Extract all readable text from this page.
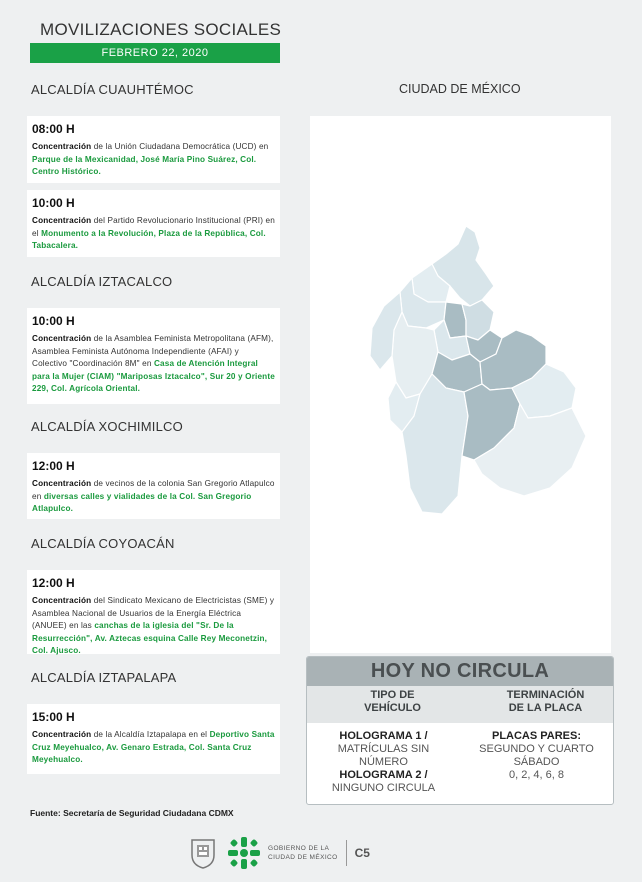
MOVILIZACIONES SOCIALES
FEBRERO 22, 2020
ALCALDÍA CUAUHTÉMOC
08:00 H
Concentración de la Unión Ciudadana Democrática (UCD) en Parque de la Mexicanidad, José María Pino Suárez, Col. Centro Histórico.
10:00 H
Concentración del Partido Revolucionario Institucional (PRI) en el Monumento a la Revolución, Plaza de la República, Col. Tabacalera.
ALCALDÍA IZTACALCO
10:00 H
Concentración de la Asamblea Feminista Metropolitana (AFM), Asamblea Feminista Autónoma Independiente (AFAI) y Colectivo "Coordinación 8M" en Casa de Atención Integral para la Mujer (CIAM) "Mariposas Iztacalco", Sur 20 y Oriente 229, Col. Agrícola Oriental.
ALCALDÍA XOCHIMILCO
12:00 H
Concentración de vecinos de la colonia San Gregorio Atlapulco en diversas calles y vialidades de la Col. San Gregorio Atlapulco.
ALCALDÍA COYOACÁN
12:00 H
Concentración del Sindicato Mexicano de Electricistas (SME) y Asamblea Nacional de Usuarios de la Energía Eléctrica (ANUEE) en las canchas de la iglesia del "Sr. De la Resurrección", Av. Aztecas esquina Calle Rey Meconetzin, Col. Ajusco.
ALCALDÍA IZTAPALAPA
15:00 H
Concentración de la Alcaldía Iztapalapa en el Deportivo Santa Cruz Meyehualco, Av. Genaro Estrada, Col. Santa Cruz Meyehualco.
CIUDAD DE MÉXICO
HOY NO CIRCULA
TIPO DE VEHÍCULO
TERMINACIÓN DE LA PLACA
HOLOGRAMA 1 /
MATRÍCULAS SIN NÚMERO
HOLOGRAMA 2 /
NINGUNO CIRCULA
PLACAS PARES: SEGUNDO Y CUARTO SÁBADO
0, 2, 4, 6, 8
Fuente: Secretaría de Seguridad Ciudadana CDMX
GOBIERNO DE LA
CIUDAD DE MÉXICO C5
